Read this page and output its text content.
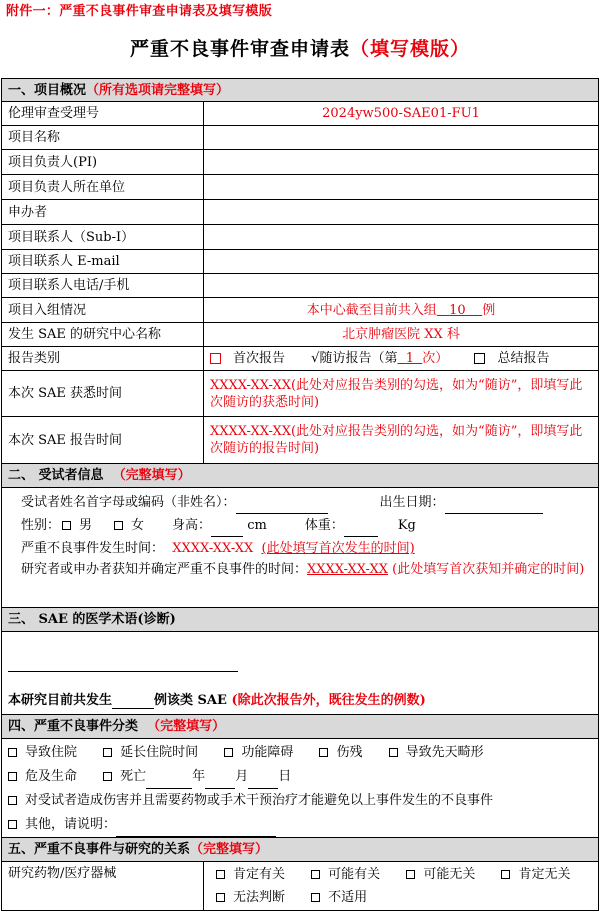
附件一：严重不良事件审查申请表及填写模版
严重不良事件审查申请表（填写模版）
一、项目概况（所有选项请完整填写）	
伦理审查受理号	2024yw500-SAE01-FU1
项目名称	
项目负责人(PI)	
项目负责人所在单位	
申办者	
项目联系人（Sub-I）	
项目联系人 E-mail	
项目联系人电话/手机	
项目入组情况	本中心截至目前共入组 10 例
发生 SAE 的研究中心名称	北京肿瘤医院 XX 科
报告类别	首次报告 √随访报告（第 1 次） 总结报告
本次 SAE 获悉时间	XXXX-XX-XX(此处对应报告类别的勾选，如为“随访”，即填写此次随访的获悉时间)
本次 SAE 报告时间	XXXX-XX-XX(此处对应报告类别的勾选，如为“随访”，即填写此次随访的报告时间)
二、 受试者信息 （完整填写）	

受试者姓名首字母或编码（非姓名）： 出生日期：
性别： 男 女 身高： cm 体重： Kg
严重不良事件发生时间： XXXX-XX-XX (此处填写首次发生的时间)
研究者或申办者获知并确定严重不良事件的时间：XXXX-XX-XX (此处填写首次获知并确定的时间)	

三、 SAE 的医学术语(诊断)	

本研究目前共发生 例该类 SAE (除此次报告外，既往发生的例数)	

四、严重不良事件分类 （完整填写）	

导致住院 延长住院时间 功能障碍 伤残 导致先天畸形
危及生命 死亡 年 月 日
对受试者造成伤害并且需要药物或手术干预治疗才能避免以上事件发生的不良事件
其他，请说明：	

五、严重不良事件与研究的关系（完整填写）	
研究药物/医疗器械	肯定有关 可能有关 可能无关 肯定无关
无法判断 不适用
